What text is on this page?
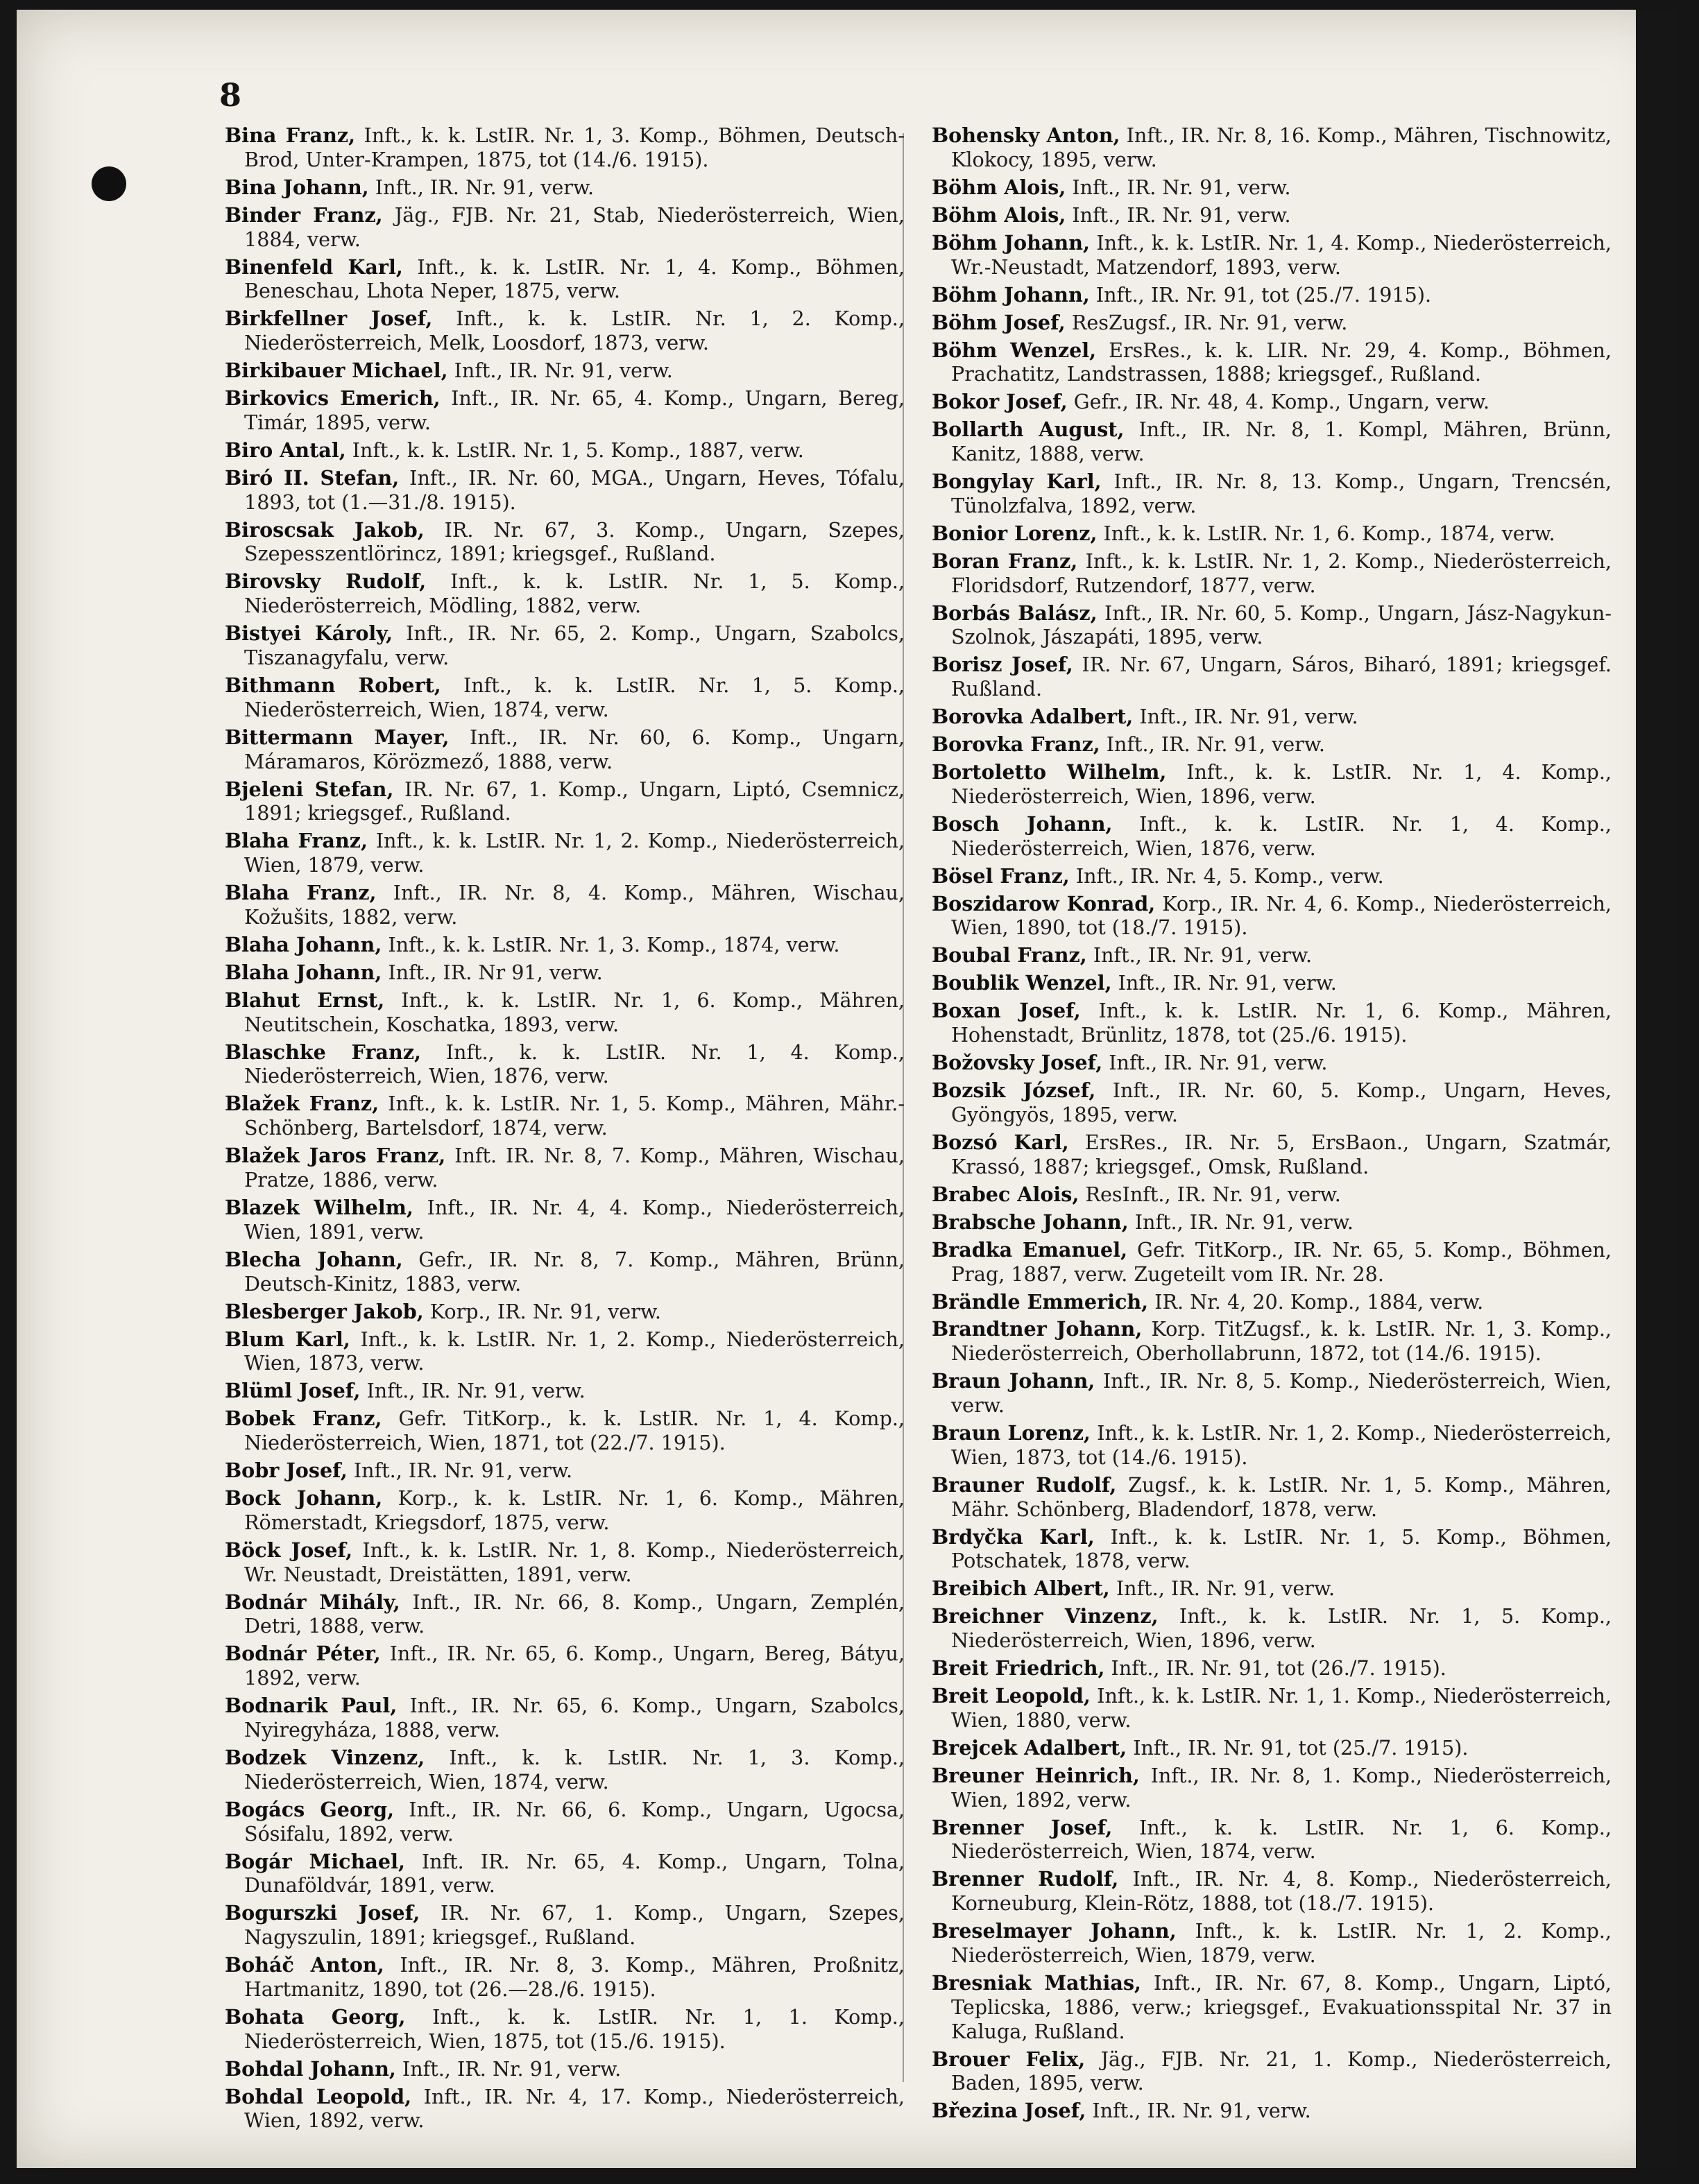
8

Bina Franz, Inft., k. k. LstIR. Nr. 1, 3. Komp., Böhmen, Deutsch-Brod, Unter-Krampen, 1875, tot (14./6. 1915).

Bina Johann, Inft., IR. Nr. 91, verw.

Binder Franz, Jäg., FJB. Nr. 21, Stab, Niederösterreich, Wien, 1884, verw.

Binenfeld Karl, Inft., k. k. LstIR. Nr. 1, 4. Komp., Böhmen, Beneschau, Lhota Neper, 1875, verw.

Birkfellner Josef, Inft., k. k. LstIR. Nr. 1, 2. Komp., Niederösterreich, Melk, Loosdorf, 1873, verw.

Birkibauer Michael, Inft., IR. Nr. 91, verw.

Birkovics Emerich, Inft., IR. Nr. 65, 4. Komp., Ungarn, Bereg, Timár, 1895, verw.

Biro Antal, Inft., k. k. LstIR. Nr. 1, 5. Komp., 1887, verw.

Biró II. Stefan, Inft., IR. Nr. 60, MGA., Ungarn, Heves, Tófalu, 1893, tot (1.—31./8. 1915).

Biroscsak Jakob, IR. Nr. 67, 3. Komp., Ungarn, Szepes, Szepesszentlörincz, 1891; kriegsgef., Rußland.

Birovsky Rudolf, Inft., k. k. LstIR. Nr. 1, 5. Komp., Niederösterreich, Mödling, 1882, verw.

Bistyei Károly, Inft., IR. Nr. 65, 2. Komp., Ungarn, Szabolcs, Tiszanagyfalu, verw.

Bithmann Robert, Inft., k. k. LstIR. Nr. 1, 5. Komp., Niederösterreich, Wien, 1874, verw.

Bittermann Mayer, Inft., IR. Nr. 60, 6. Komp., Ungarn, Máramaros, Körözmező, 1888, verw.

Bjeleni Stefan, IR. Nr. 67, 1. Komp., Ungarn, Liptó, Csemnicz, 1891; kriegsgef., Rußland.

Blaha Franz, Inft., k. k. LstIR. Nr. 1, 2. Komp., Niederösterreich, Wien, 1879, verw.

Blaha Franz, Inft., IR. Nr. 8, 4. Komp., Mähren, Wischau, Kožušits, 1882, verw.

Blaha Johann, Inft., k. k. LstIR. Nr. 1, 3. Komp., 1874, verw.

Blaha Johann, Inft., IR. Nr 91, verw.

Blahut Ernst, Inft., k. k. LstIR. Nr. 1, 6. Komp., Mähren, Neutitschein, Koschatka, 1893, verw.

Blaschke Franz, Inft., k. k. LstIR. Nr. 1, 4. Komp., Niederösterreich, Wien, 1876, verw.

Blažek Franz, Inft., k. k. LstIR. Nr. 1, 5. Komp., Mähren, Mähr.-Schönberg, Bartelsdorf, 1874, verw.

Blažek Jaros Franz, Inft. IR. Nr. 8, 7. Komp., Mähren, Wischau, Pratze, 1886, verw.

Blazek Wilhelm, Inft., IR. Nr. 4, 4. Komp., Niederösterreich, Wien, 1891, verw.

Blecha Johann, Gefr., IR. Nr. 8, 7. Komp., Mähren, Brünn, Deutsch-Kinitz, 1883, verw.

Blesberger Jakob, Korp., IR. Nr. 91, verw.

Blum Karl, Inft., k. k. LstIR. Nr. 1, 2. Komp., Niederösterreich, Wien, 1873, verw.

Blüml Josef, Inft., IR. Nr. 91, verw.

Bobek Franz, Gefr. TitKorp., k. k. LstIR. Nr. 1, 4. Komp., Niederösterreich, Wien, 1871, tot (22./7. 1915).

Bobr Josef, Inft., IR. Nr. 91, verw.

Bock Johann, Korp., k. k. LstIR. Nr. 1, 6. Komp., Mähren, Römerstadt, Kriegsdorf, 1875, verw.

Böck Josef, Inft., k. k. LstIR. Nr. 1, 8. Komp., Niederösterreich, Wr. Neustadt, Dreistätten, 1891, verw.

Bodnár Mihály, Inft., IR. Nr. 66, 8. Komp., Ungarn, Zemplén, Detri, 1888, verw.

Bodnár Péter, Inft., IR. Nr. 65, 6. Komp., Ungarn, Bereg, Bátyu, 1892, verw.

Bodnarik Paul, Inft., IR. Nr. 65, 6. Komp., Ungarn, Szabolcs, Nyiregyháza, 1888, verw.

Bodzek Vinzenz, Inft., k. k. LstIR. Nr. 1, 3. Komp., Niederösterreich, Wien, 1874, verw.

Bogács Georg, Inft., IR. Nr. 66, 6. Komp., Ungarn, Ugocsa, Sósifalu, 1892, verw.

Bogár Michael, Inft. IR. Nr. 65, 4. Komp., Ungarn, Tolna, Dunaföldvár, 1891, verw.

Bogurszki Josef, IR. Nr. 67, 1. Komp., Ungarn, Szepes, Nagyszulin, 1891; kriegsgef., Rußland.

Boháč Anton, Inft., IR. Nr. 8, 3. Komp., Mähren, Proßnitz, Hartmanitz, 1890, tot (26.—28./6. 1915).

Bohata Georg, Inft., k. k. LstIR. Nr. 1, 1. Komp., Niederösterreich, Wien, 1875, tot (15./6. 1915).

Bohdal Johann, Inft., IR. Nr. 91, verw.

Bohdal Leopold, Inft., IR. Nr. 4, 17. Komp., Niederösterreich, Wien, 1892, verw.

Bohensky Anton, Inft., IR. Nr. 8, 16. Komp., Mähren, Tischnowitz, Klokocy, 1895, verw.

Böhm Alois, Inft., IR. Nr. 91, verw.

Böhm Alois, Inft., IR. Nr. 91, verw.

Böhm Johann, Inft., k. k. LstIR. Nr. 1, 4. Komp., Niederösterreich, Wr.-Neustadt, Matzendorf, 1893, verw.

Böhm Johann, Inft., IR. Nr. 91, tot (25./7. 1915).

Böhm Josef, ResZugsf., IR. Nr. 91, verw.

Böhm Wenzel, ErsRes., k. k. LIR. Nr. 29, 4. Komp., Böhmen, Prachatitz, Landstrassen, 1888; kriegsgef., Rußland.

Bokor Josef, Gefr., IR. Nr. 48, 4. Komp., Ungarn, verw.

Bollarth August, Inft., IR. Nr. 8, 1. Kompl, Mähren, Brünn, Kanitz, 1888, verw.

Bongylay Karl, Inft., IR. Nr. 8, 13. Komp., Ungarn, Trencsén, Tünolzfalva, 1892, verw.

Bonior Lorenz, Inft., k. k. LstIR. Nr. 1, 6. Komp., 1874, verw.

Boran Franz, Inft., k. k. LstIR. Nr. 1, 2. Komp., Niederösterreich, Floridsdorf, Rutzendorf, 1877, verw.

Borbás Balász, Inft., IR. Nr. 60, 5. Komp., Ungarn, Jász-Nagykun-Szolnok, Jászapáti, 1895, verw.

Borisz Josef, IR. Nr. 67, Ungarn, Sáros, Biharó, 1891; kriegsgef. Rußland.

Borovka Adalbert, Inft., IR. Nr. 91, verw.

Borovka Franz, Inft., IR. Nr. 91, verw.

Bortoletto Wilhelm, Inft., k. k. LstIR. Nr. 1, 4. Komp., Niederösterreich, Wien, 1896, verw.

Bosch Johann, Inft., k. k. LstIR. Nr. 1, 4. Komp., Niederösterreich, Wien, 1876, verw.

Bösel Franz, Inft., IR. Nr. 4, 5. Komp., verw.

Boszidarow Konrad, Korp., IR. Nr. 4, 6. Komp., Niederösterreich, Wien, 1890, tot (18./7. 1915).

Boubal Franz, Inft., IR. Nr. 91, verw.

Boublik Wenzel, Inft., IR. Nr. 91, verw.

Boxan Josef, Inft., k. k. LstIR. Nr. 1, 6. Komp., Mähren, Hohenstadt, Brünlitz, 1878, tot (25./6. 1915).

Božovsky Josef, Inft., IR. Nr. 91, verw.

Bozsik József, Inft., IR. Nr. 60, 5. Komp., Ungarn, Heves, Gyöngyös, 1895, verw.

Bozsó Karl, ErsRes., IR. Nr. 5, ErsBaon., Ungarn, Szatmár, Krassó, 1887; kriegsgef., Omsk, Rußland.

Brabec Alois, ResInft., IR. Nr. 91, verw.

Brabsche Johann, Inft., IR. Nr. 91, verw.

Bradka Emanuel, Gefr. TitKorp., IR. Nr. 65, 5. Komp., Böhmen, Prag, 1887, verw. Zugeteilt vom IR. Nr. 28.

Brändle Emmerich, IR. Nr. 4, 20. Komp., 1884, verw.

Brandtner Johann, Korp. TitZugsf., k. k. LstIR. Nr. 1, 3. Komp., Niederösterreich, Oberhollabrunn, 1872, tot (14./6. 1915).

Braun Johann, Inft., IR. Nr. 8, 5. Komp., Niederösterreich, Wien, verw.

Braun Lorenz, Inft., k. k. LstIR. Nr. 1, 2. Komp., Niederösterreich, Wien, 1873, tot (14./6. 1915).

Brauner Rudolf, Zugsf., k. k. LstIR. Nr. 1, 5. Komp., Mähren, Mähr. Schönberg, Bladendorf, 1878, verw.

Brdyčka Karl, Inft., k. k. LstIR. Nr. 1, 5. Komp., Böhmen, Potschatek, 1878, verw.

Breibich Albert, Inft., IR. Nr. 91, verw.

Breichner Vinzenz, Inft., k. k. LstIR. Nr. 1, 5. Komp., Niederösterreich, Wien, 1896, verw.

Breit Friedrich, Inft., IR. Nr. 91, tot (26./7. 1915).

Breit Leopold, Inft., k. k. LstIR. Nr. 1, 1. Komp., Niederösterreich, Wien, 1880, verw.

Brejcek Adalbert, Inft., IR. Nr. 91, tot (25./7. 1915).

Breuner Heinrich, Inft., IR. Nr. 8, 1. Komp., Niederösterreich, Wien, 1892, verw.

Brenner Josef, Inft., k. k. LstIR. Nr. 1, 6. Komp., Niederösterreich, Wien, 1874, verw.

Brenner Rudolf, Inft., IR. Nr. 4, 8. Komp., Niederösterreich, Korneuburg, Klein-Rötz, 1888, tot (18./7. 1915).

Breselmayer Johann, Inft., k. k. LstIR. Nr. 1, 2. Komp., Niederösterreich, Wien, 1879, verw.

Bresniak Mathias, Inft., IR. Nr. 67, 8. Komp., Ungarn, Liptó, Teplicska, 1886, verw.; kriegsgef., Evakuationsspital Nr. 37 in Kaluga, Rußland.

Brouer Felix, Jäg., FJB. Nr. 21, 1. Komp., Niederösterreich, Baden, 1895, verw.

Březina Josef, Inft., IR. Nr. 91, verw.
